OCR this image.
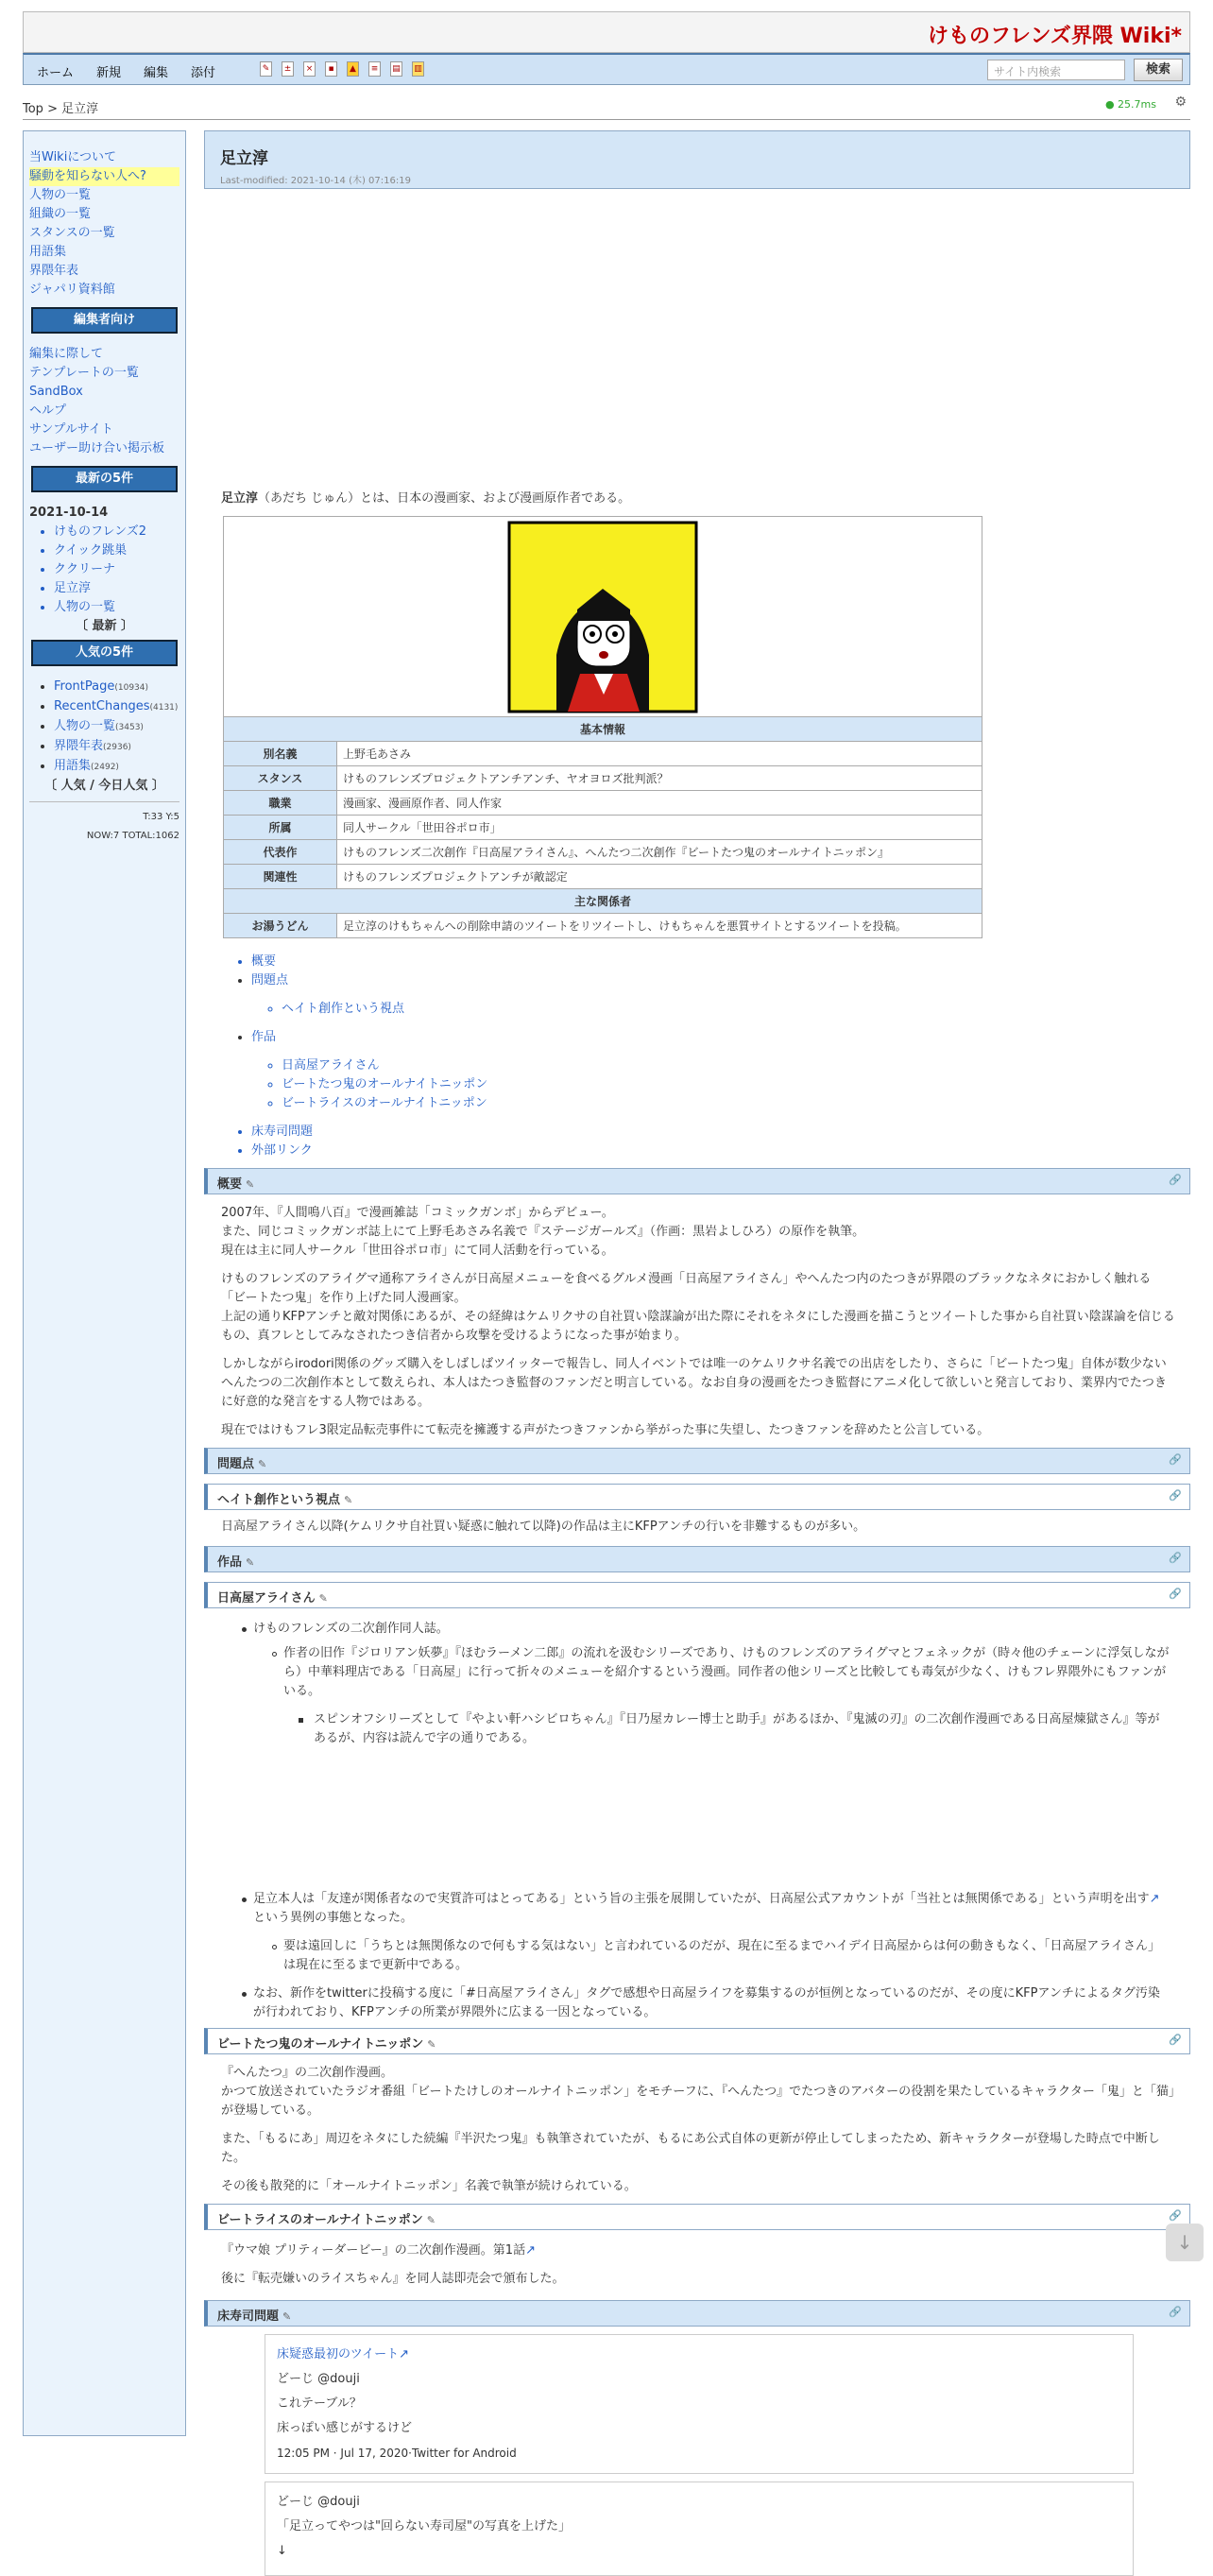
けものフレンズ界隈 Wiki*
ホーム 新規 編集 添付	✎	±	×	▪	▲	≡	▤ ▥	サイト内検索	検索
Top > 足立淳	● 25.7ms ⚙
当Wikiについて
騒動を知らない人へ?
人物の一覧
組織の一覧
スタンスの一覧
用語集
界隈年表
ジャパリ資料館
編集者向け
編集に際して
テンプレートの一覧
SandBox
ヘルプ
サンプルサイト
ユーザー助け合い掲示板
最新の5件
2021-10-14
• けものフレンズ2
• クイック跳巣
• ククリーナ
• 足立淳
• 人物の一覧
〔 最新 〕
人気の5件
• FrontPage(10934)
• RecentChanges(4131)
• 人物の一覧(3453)
• 界隈年表(2936)
• 用語集(2492)
〔 人気 / 今日人気 〕
T:33 Y:5
NOW:7 TOTAL:1062
足立淳
Last-modified: 2021-10-14 (木) 07:16:19
足立淳（あだち じゅん）とは、日本の漫画家、および漫画原作者である。
基本情報
別名義	上野毛あさみ
スタンス	けものフレンズプロジェクトアンチアンチ、ヤオヨロズ批判派？
職業	漫画家、漫画原作者、同人作家
所属	同人サークル「世田谷ポロ市」
代表作	けものフレンズ二次創作『日高屋アライさん』、へんたつ二次創作『ビートたつ鬼のオールナイトニッポン』
関連性	けものフレンズプロジェクトアンチが敵認定
主な関係者
お湯うどん	足立淳のけもちゃんへの削除申請のツイートをリツイートし、けもちゃんを悪質サイトとするツイートを投稿。
• 概要
• 問題点
◦ ヘイト創作という視点
• 作品
◦ 日高屋アライさん
◦ ビートたつ鬼のオールナイトニッポン
◦ ビートライスのオールナイトニッポン
• 床寿司問題
• 外部リンク
概要 ✎	🔗
2007年、『人間鳴八百』で漫画雑誌「コミックガンボ」からデビュー。
また、同じコミックガンボ誌上にて上野毛あさみ名義で『ステージガールズ』（作画：黒岩よしひろ）の原作を執筆。
現在は主に同人サークル「世田谷ポロ市」にて同人活動を行っている。
けものフレンズのアライグマ通称アライさんが日高屋メニューを食べるグルメ漫画「日高屋アライさん」やへんたつ内のたつきが界隈のブラックなネタにおかしく触れる「ビートたつ鬼」を作り上げた同人漫画家。
上記の通りKFPアンチと敵対関係にあるが、その経緯はケムリクサの自社買い陰謀論が出た際にそれをネタにした漫画を描こうとツイートした事から自社買い陰謀論を信じるもの、真フレとしてみなされたつき信者から攻撃を受けるようになった事が始まり。
しかしながらirodori関係のグッズ購入をしばしばツイッターで報告し、同人イベントでは唯一のケムリクサ名義での出店をしたり、さらに「ビートたつ鬼」自体が数少ないへんたつの二次創作本として数えられ、本人はたつき監督のファンだと明言している。なお自身の漫画をたつき監督にアニメ化して欲しいと発言しており、業界内でたつきに好意的な発言をする人物ではある。
現在ではけもフレ3限定品転売事件にて転売を擁護する声がたつきファンから挙がった事に失望し、たつきファンを辞めたと公言している。
問題点 ✎	🔗
ヘイト創作という視点 ✎	🔗
日高屋アライさん以降(ケムリクサ自社買い疑惑に触れて以降)の作品は主にKFPアンチの行いを非難するものが多い。
作品 ✎	🔗
日高屋アライさん ✎	🔗
けものフレンズの二次創作同人誌。
作者の旧作『ジロリアン妖夢』『ほむラーメン二郎』の流れを汲むシリーズであり、けものフレンズのアライグマとフェネックが（時々他のチェーンに浮気しながら）中華料理店である「日高屋」に行って折々のメニューを紹介するという漫画。同作者の他シリーズと比較しても毒気が少なく、けもフレ界隈外にもファンがいる。
スピンオフシリーズとして『やよい軒ハシビロちゃん』『日乃屋カレー博士と助手』があるほか、『鬼滅の刃』の二次創作漫画である日高屋煉獄さん』等があるが、内容は読んで字の通りである。
足立本人は「友達が関係者なので実質許可はとってある」という旨の主張を展開していたが、日高屋公式アカウントが「当社とは無関係である」という声明を出す↗という異例の事態となった。
要は遠回しに「うちとは無関係なので何もする気はない」と言われているのだが、現在に至るまでハイデイ日高屋からは何の動きもなく、「日高屋アライさん」は現在に至るまで更新中である。
なお、新作をtwitterに投稿する度に「#日高屋アライさん」タグで感想や日高屋ライフを募集するのが恒例となっているのだが、その度にKFPアンチによるタグ汚染が行われており、KFPアンチの所業が界隈外に広まる一因となっている。
ビートたつ鬼のオールナイトニッポン ✎	🔗
『へんたつ』の二次創作漫画。
かつて放送されていたラジオ番組「ビートたけしのオールナイトニッポン」をモチーフに、『へんたつ』でたつきのアバターの役割を果たしているキャラクター「鬼」と「猫」が登場している。
また、「もるにあ」周辺をネタにした続編『半沢たつ鬼』も執筆されていたが、もるにあ公式自体の更新が停止してしまったため、新キャラクターが登場した時点で中断した。
その後も散発的に「オールナイトニッポン」名義で執筆が続けられている。
ビートライスのオールナイトニッポン ✎	🔗
『ウマ娘 プリティーダービー』の二次創作漫画。第1話↗
後に『転売嫌いのライスちゃん』を同人誌即売会で頒布した。
床寿司問題 ✎	🔗
床疑惑最初のツイート↗
どーじ @douji
これテーブル？
床っぽい感じがするけど
12:05 PM · Jul 17, 2020·Twitter for Android
どーじ @douji
「足立ってやつは"回らない寿司屋"の写真を上げた」
↓
↓
